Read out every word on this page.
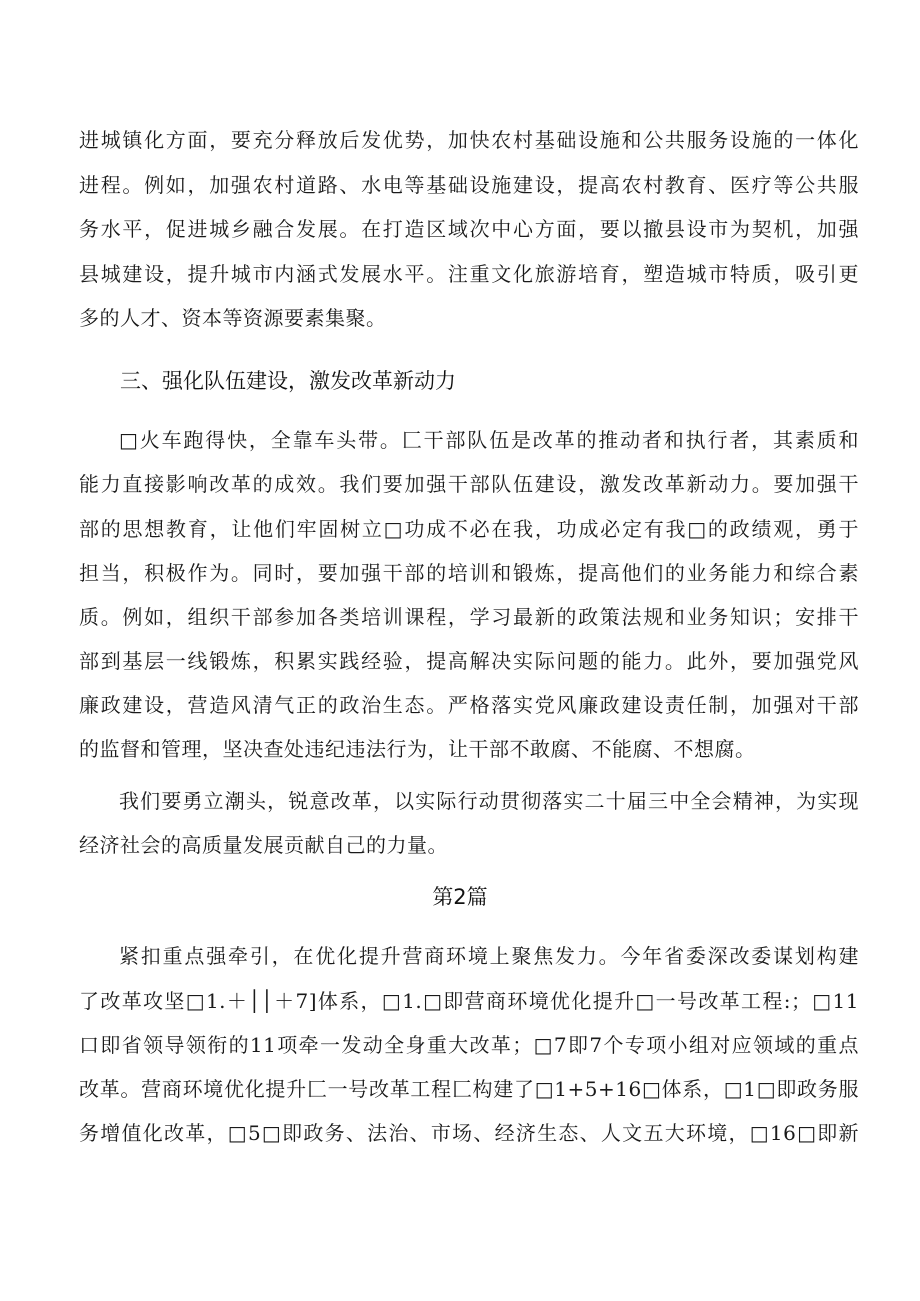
进城镇化方面，要充分释放后发优势，加快农村基础设施和公共服务设施的一体化
进程。例如，加强农村道路、水电等基础设施建设，提高农村教育、医疗等公共服
务水平，促进城乡融合发展。在打造区域次中心方面，要以撤县设市为契机，加强
县城建设，提升城市内涵式发展水平。注重文化旅游培育，塑造城市特质，吸引更
多的人才、资本等资源要素集聚。
三、强化队伍建设，激发改革新动力
□火车跑得快，全靠车头带。匚干部队伍是改革的推动者和执行者，其素质和
能力直接影响改革的成效。我们要加强干部队伍建设，激发改革新动力。要加强干
部的思想教育，让他们牢固树立□功成不必在我，功成必定有我□的政绩观，勇于
担当，积极作为。同时，要加强干部的培训和锻炼，提高他们的业务能力和综合素
质。例如，组织干部参加各类培训课程，学习最新的政策法规和业务知识；安排干
部到基层一线锻炼，积累实践经验，提高解决实际问题的能力。此外，要加强党风
廉政建设，营造风清气正的政治生态。严格落实党风廉政建设责任制，加强对干部
的监督和管理，坚决查处违纪违法行为，让干部不敢腐、不能腐、不想腐。
我们要勇立潮头，锐意改革，以实际行动贯彻落实二十届三中全会精神，为实现
经济社会的高质量发展贡献自己的力量。
第2篇
紧扣重点强牵引，在优化提升营商环境上聚焦发力。今年省委深改委谋划构建
了改革攻坚□1.＋││＋7]体系，□1.□即营商环境优化提升□一号改革工程:；□11
口即省领导领衔的11项牵一发动全身重大改革；□7即7个专项小组对应领域的重点
改革。营商环境优化提升匚一号改革工程匚构建了□1+5+16□体系，□1□即政务服
务增值化改革，□5□即政务、法治、市场、经济生态、人文五大环境，□16□即新
